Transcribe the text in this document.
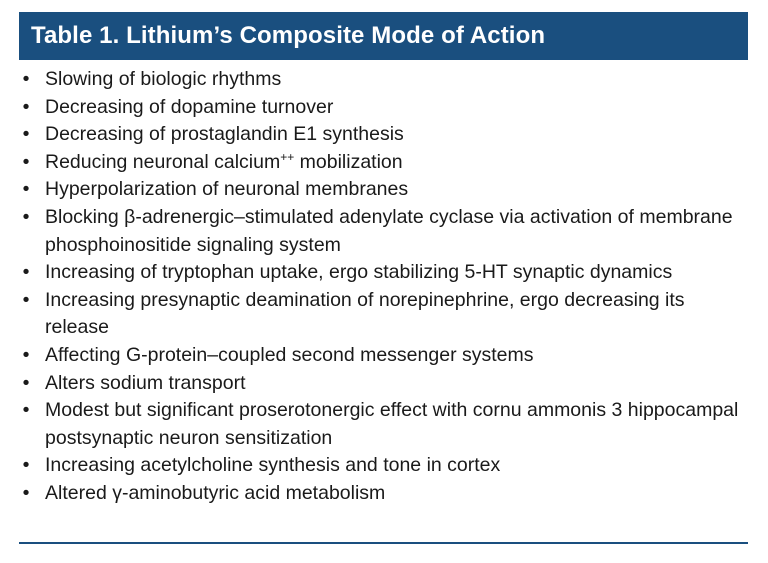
Table 1. Lithium’s Composite Mode of Action
• Slowing of biologic rhythms
• Decreasing of dopamine turnover
• Decreasing of prostaglandin E1 synthesis
• Reducing neuronal calcium++ mobilization
• Hyperpolarization of neuronal membranes
• Blocking β-adrenergic–stimulated adenylate cyclase via activation of membrane phosphoinositide signaling system
• Increasing of tryptophan uptake, ergo stabilizing 5-HT synaptic dynamics
• Increasing presynaptic deamination of norepinephrine, ergo decreasing its release
• Affecting G-protein–coupled second messenger systems
• Alters sodium transport
• Modest but significant proserotonergic effect with cornu ammonis 3 hippocampal postsynaptic neuron sensitization
• Increasing acetylcholine synthesis and tone in cortex
• Altered γ-aminobutyric acid metabolism
